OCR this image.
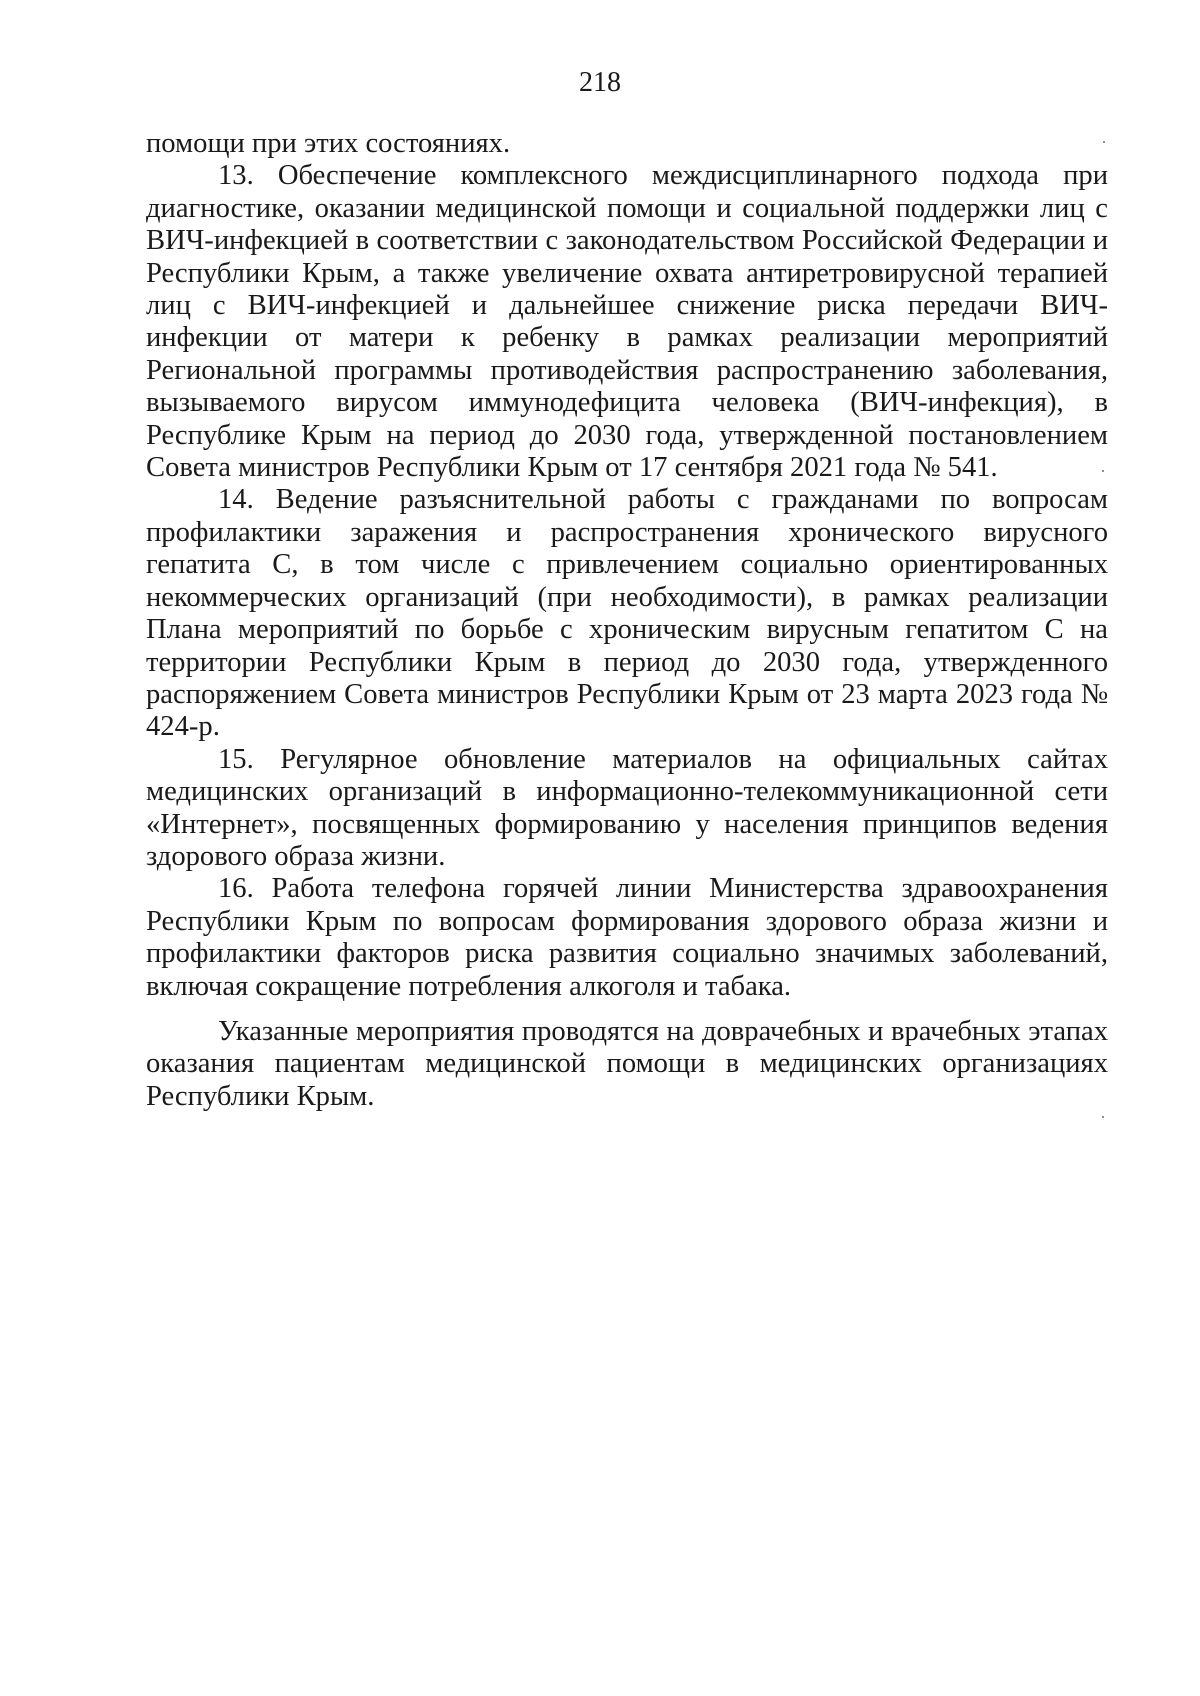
218

помощи при этих состояниях.

13. Обеспечение комплексного междисциплинарного подхода при диагностике, оказании медицинской помощи и социальной поддержки лиц с ВИЧ-инфекцией в соответствии с законодательством Российской Федерации и Республики Крым, а также увеличение охвата антиретровирусной терапией лиц с ВИЧ-инфекцией и дальнейшее снижение риска передачи ВИЧ-инфекции от матери к ребенку в рамках реализации мероприятий Региональной программы противодействия распространению заболевания, вызываемого вирусом иммунодефицита человека (ВИЧ-инфекция), в Республике Крым на период до 2030 года, утвержденной постановлением Совета министров Республики Крым от 17 сентября 2021 года № 541.

14. Ведение разъяснительной работы с гражданами по вопросам профилактики заражения и распространения хронического вирусного гепатита С, в том числе с привлечением социально ориентированных некоммерческих организаций (при необходимости), в рамках реализации Плана мероприятий по борьбе с хроническим вирусным гепатитом С на территории Республики Крым в период до 2030 года, утвержденного распоряжением Совета министров Республики Крым от 23 марта 2023 года № 424-р.

15. Регулярное обновление материалов на официальных сайтах медицинских организаций в информационно-телекоммуникационной сети «Интернет», посвященных формированию у населения принципов ведения здорового образа жизни.

16. Работа телефона горячей линии Министерства здравоохранения Республики Крым по вопросам формирования здорового образа жизни и профилактики факторов риска развития социально значимых заболеваний, включая сокращение потребления алкоголя и табака.

Указанные мероприятия проводятся на доврачебных и врачебных этапах оказания пациентам медицинской помощи в медицинских организациях Республики Крым.
